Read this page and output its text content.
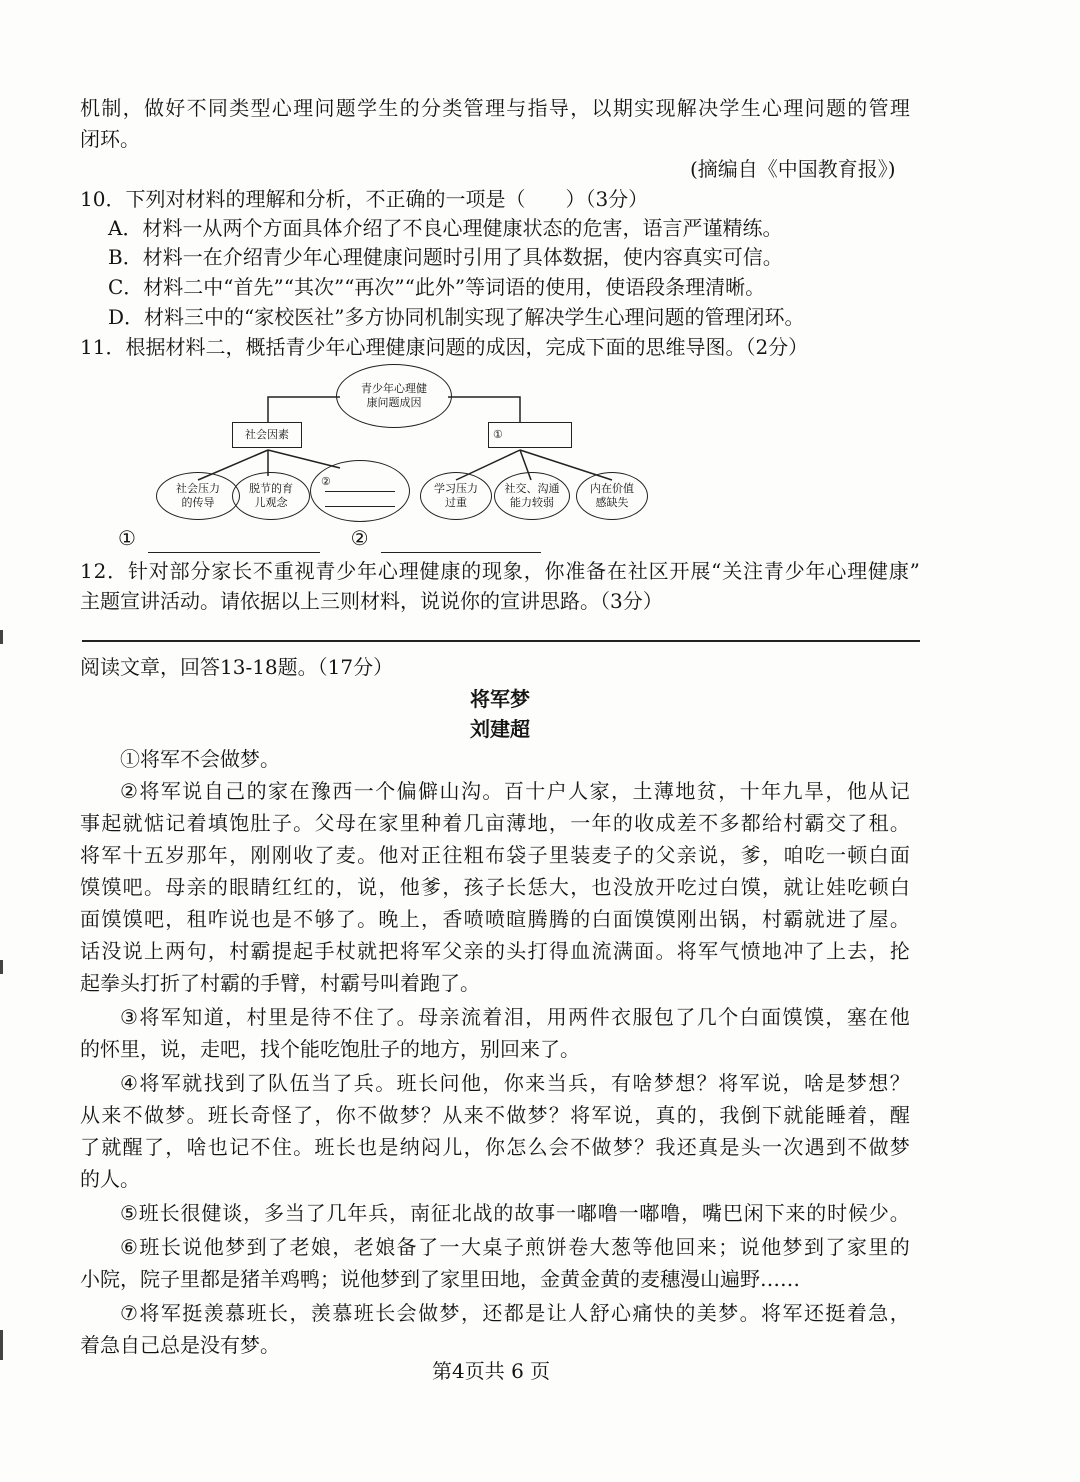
机 制 ， 做 好 不 同 类 型 心 理 问 题 学 生 的 分 类 管 理 与 指 导 ， 以 期 实 现 解 决 学 生 心 理 问 题 的 管 理
闭环。
(摘编自《中国教育报》)
10．下列对材料的理解和分析，不正确的一项是（　　）（3分）
A．材料一从两个方面具体介绍了不良心理健康状态的危害，语言严谨精练。
B．材料一在介绍青少年心理健康问题时引用了具体数据，使内容真实可信。
C．材料二中“首先”“其次”“再次”“此外”等词语的使用，使语段条理清晰。
D．材料三中的“家校医社”多方协同机制实现了解决学生心理问题的管理闭环。
11．根据材料二，概括青少年心理健康问题的成因，完成下面的思维导图。（2分）
青少年心理健
康问题成因
社会因素	①
社会压力
的传导
脱节的育
儿观念
②
学习压力
过重
社交、沟通
能力较弱
内在价值
感缺失
①	②
1 2 ． 针 对 部 分 家 长 不 重 视 青 少 年 心 理 健 康 的 现 象 ， 你 准 备 在 社 区 开 展 “ 关 注 青 少 年 心 理 健 康 ”
主题宣讲活动。请依据以上三则材料，说说你的宣讲思路。（3分）
阅读文章，回答13-18题。（17分）
将军梦
刘建超
①将军不会做梦。
② 将 军 说 自 己 的 家 在 豫 西 一 个 偏 僻 山 沟 。 百 十 户 人 家 ， 土 薄 地 贫 ， 十 年 九 旱 ， 他 从 记
事 起 就 惦 记 着 填 饱 肚 子 。 父 母 在 家 里 种 着 几 亩 薄 地 ， 一 年 的 收 成 差 不 多 都 给 村 霸 交 了 租 。
将 军 十 五 岁 那 年 ， 刚 刚 收 了 麦 。 他 对 正 往 粗 布 袋 子 里 装 麦 子 的 父 亲 说 ， 爹 ， 咱 吃 一 顿 白 面
馍 馍 吧 。 母 亲 的 眼 睛 红 红 的 ， 说 ， 他 爹 ， 孩 子 长 恁 大 ， 也 没 放 开 吃 过 白 馍 ， 就 让 娃 吃 顿 白
面 馍 馍 吧 ， 租 咋 说 也 是 不 够 了 。 晚 上 ， 香 喷 喷 暄 腾 腾 的 白 面 馍 馍 刚 出 锅 ， 村 霸 就 进 了 屋 。
话 没 说 上 两 句 ， 村 霸 提 起 手 杖 就 把 将 军 父 亲 的 头 打 得 血 流 满 面 。 将 军 气 愤 地 冲 了 上 去 ， 抡
起拳头打折了村霸的手臂，村霸号叫着跑了。
③ 将 军 知 道 ， 村 里 是 待 不 住 了 。 母 亲 流 着 泪 ， 用 两 件 衣 服 包 了 几 个 白 面 馍 馍 ， 塞 在 他
的怀里，说，走吧，找个能吃饱肚子的地方，别回来了。
④ 将 军 就 找 到 了 队 伍 当 了 兵 。 班 长 问 他 ， 你 来 当 兵 ， 有 啥 梦 想 ？ 将 军 说 ， 啥 是 梦 想 ？
从 来 不 做 梦 。 班 长 奇 怪 了 ， 你 不 做 梦 ？ 从 来 不 做 梦 ？ 将 军 说 ， 真 的 ， 我 倒 下 就 能 睡 着 ， 醒
了 就 醒 了 ， 啥 也 记 不 住 。 班 长 也 是 纳 闷 儿 ， 你 怎 么 会 不 做 梦 ？ 我 还 真 是 头 一 次 遇 到 不 做 梦
的人。
⑤ 班 长 很 健 谈 ， 多 当 了 几 年 兵 ， 南 征 北 战 的 故 事 一 嘟 噜 一 嘟 噜 ， 嘴 巴 闲 下 来 的 时 候 少 。
⑥ 班 长 说 他 梦 到 了 老 娘 ， 老 娘 备 了 一 大 桌 子 煎 饼 卷 大 葱 等 他 回 来 ； 说 他 梦 到 了 家 里 的
小院，院子里都是猪羊鸡鸭；说他梦到了家里田地，金黄金黄的麦穗漫山遍野……
⑦ 将 军 挺 羡 慕 班 长 ， 羡 慕 班 长 会 做 梦 ， 还 都 是 让 人 舒 心 痛 快 的 美 梦 。 将 军 还 挺 着 急 ，
着急自己总是没有梦。
第4页共 6 页
